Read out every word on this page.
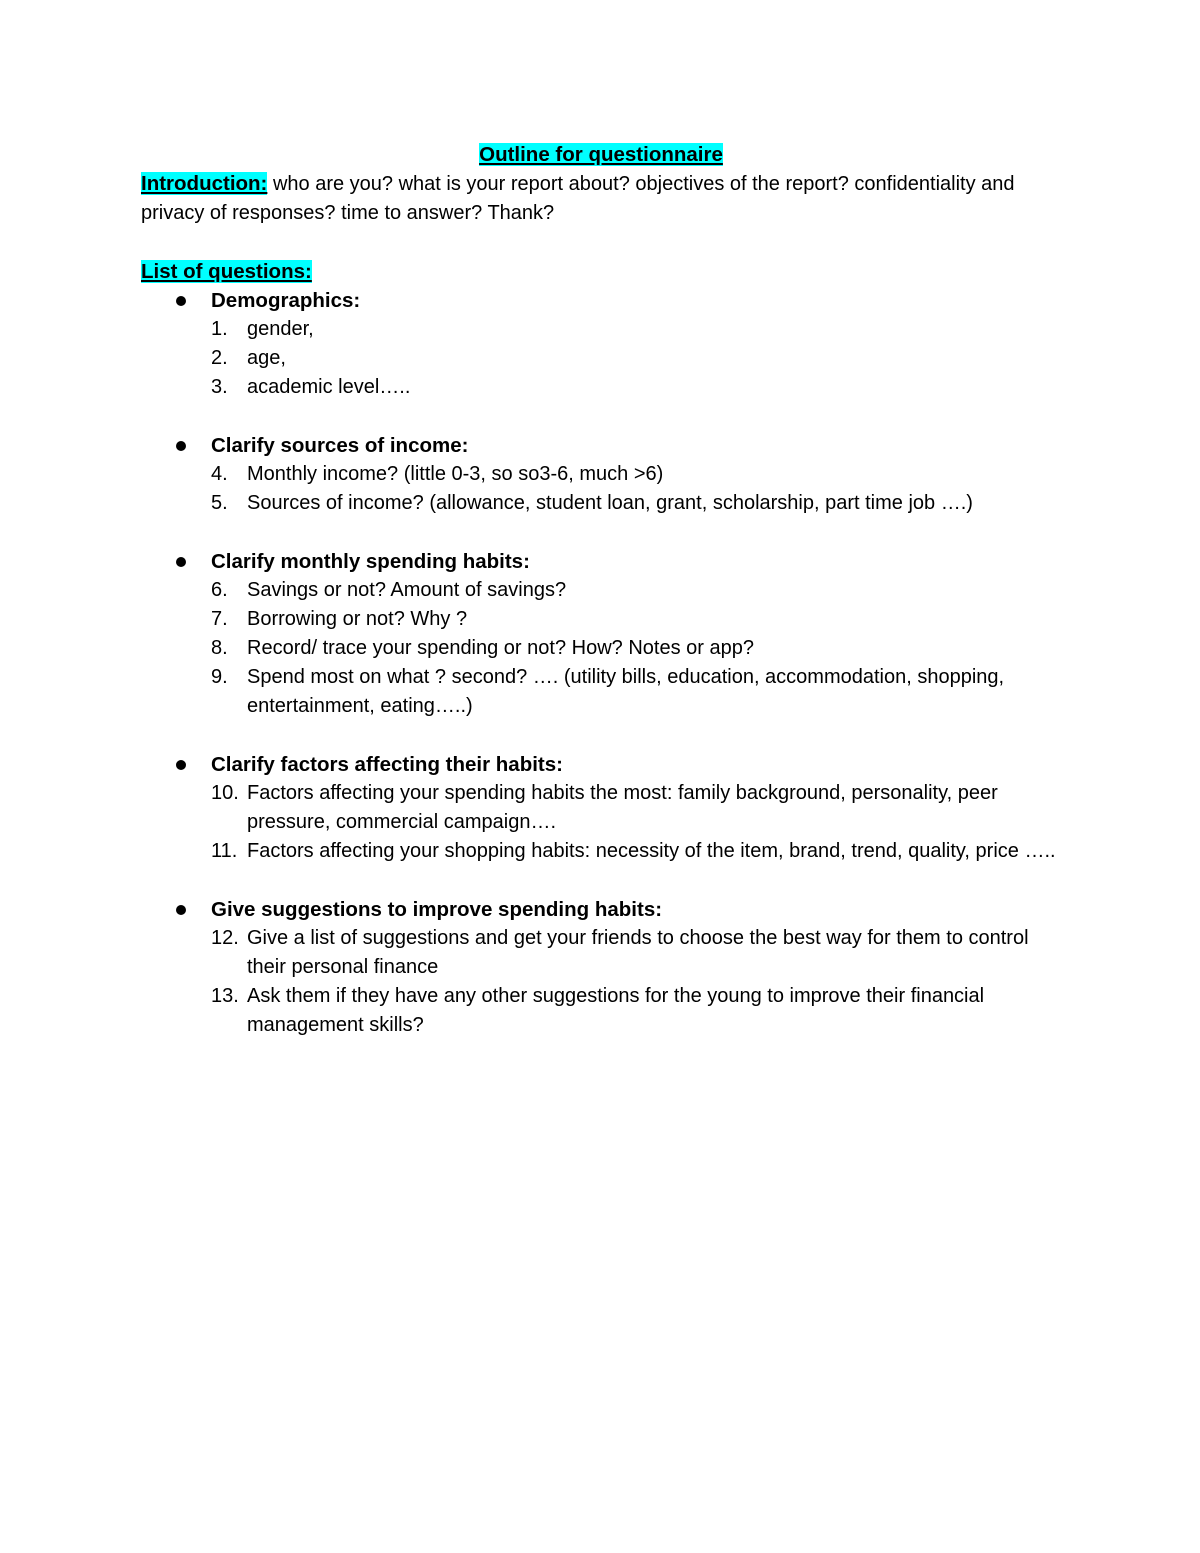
Outline for questionnaire

Introduction: who are you? what is your report about? objectives of the report? confidentiality and privacy of responses? time to answer? Thank?

List of questions:

Demographics:
1. gender,
2. age,
3. academic level…..
Clarify sources of income:
4. Monthly income? (little 0-3, so so3-6, much >6)
5. Sources of income? (allowance, student loan, grant, scholarship, part time job ….)
Clarify monthly spending habits:
6. Savings or not? Amount of savings?
7. Borrowing or not? Why ?
8. Record/ trace your spending or not? How? Notes or app?
9. Spend most on what ? second? …. (utility bills, education, accommodation, shopping, entertainment, eating…..)
Clarify factors affecting their habits:
10. Factors affecting your spending habits the most: family background, personality, peer pressure, commercial campaign….
11. Factors affecting your shopping habits: necessity of the item, brand, trend, quality, price …..
Give suggestions to improve spending habits:
12. Give a list of suggestions and get your friends to choose the best way for them to control their personal finance
13. Ask them if they have any other suggestions for the young to improve their financial management skills?
